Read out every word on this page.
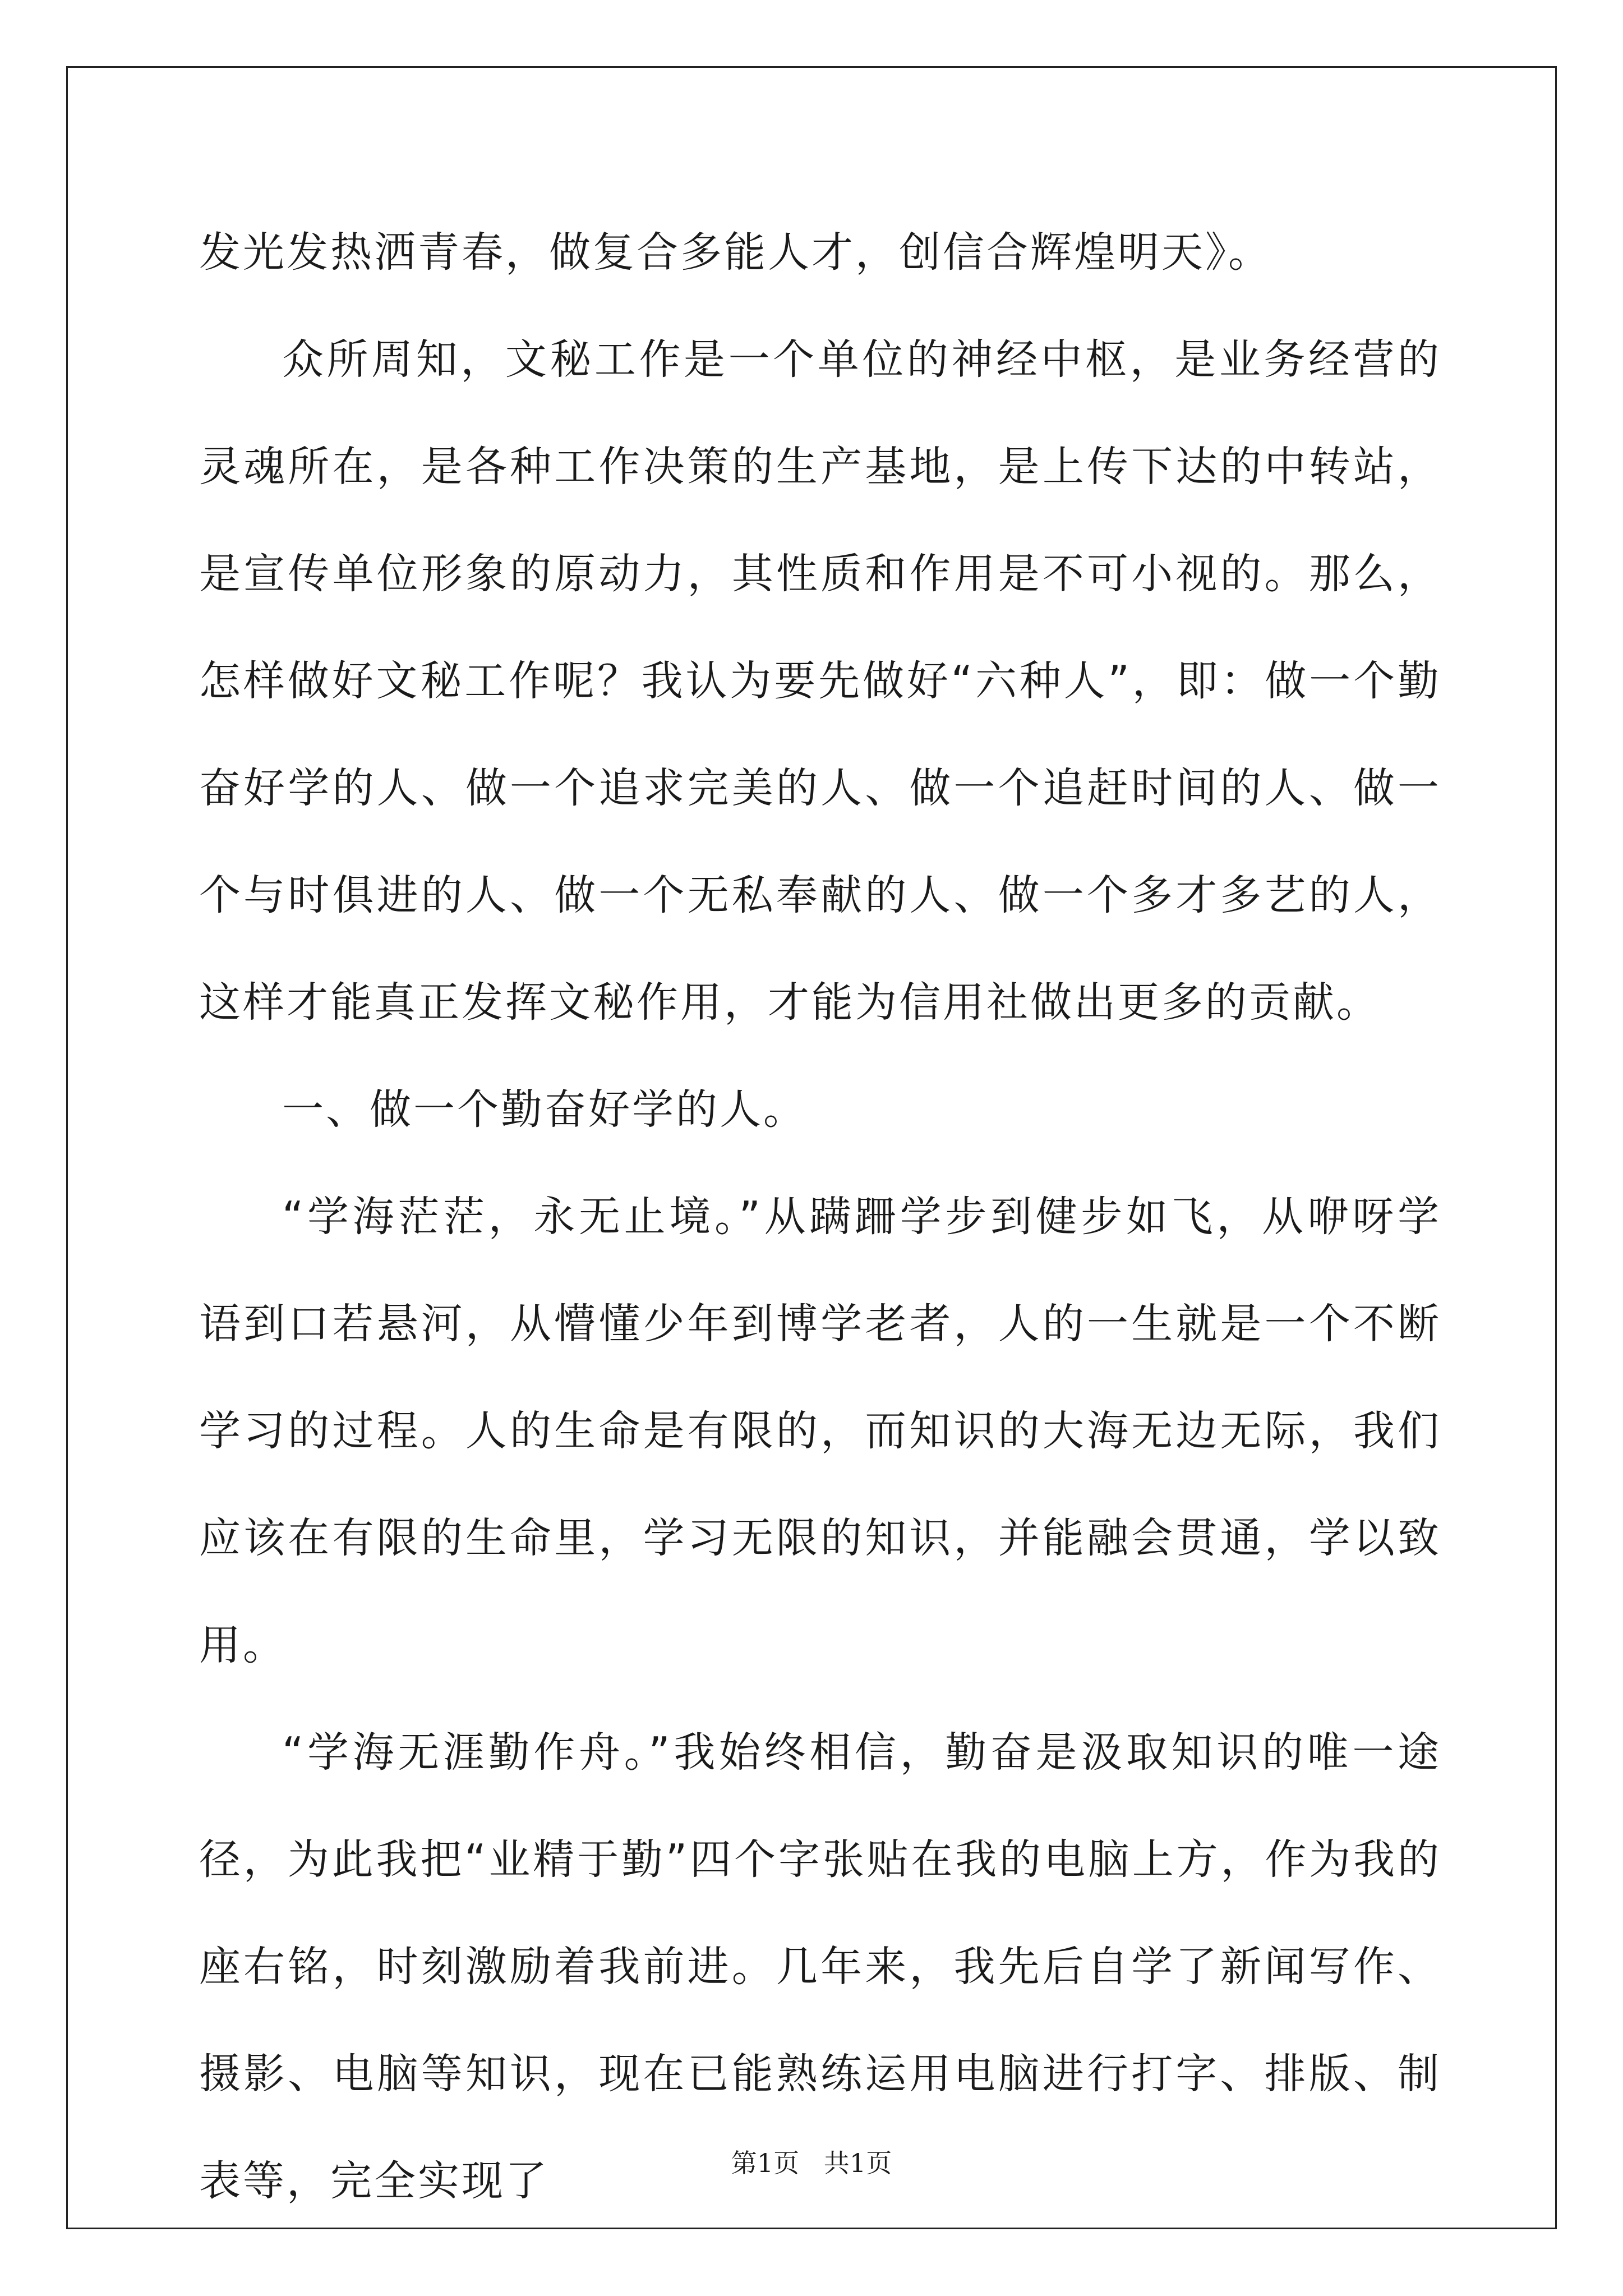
发光发热洒青春，做复合多能人才，创信合辉煌明天》。

众所周知，文秘工作是一个单位的神经中枢，是业务经营的灵魂所在，是各种工作决策的生产基地，是上传下达的中转站，是宣传单位形象的原动力，其性质和作用是不可小视的。那么，怎样做好文秘工作呢？我认为要先做好“六种人”，即：做一个勤奋好学的人、做一个追求完美的人、做一个追赶时间的人、做一个与时俱进的人、做一个无私奉献的人、做一个多才多艺的人，这样才能真正发挥文秘作用，才能为信用社做出更多的贡献。

一、做一个勤奋好学的人。

“学海茫茫，永无止境。”从蹒跚学步到健步如飞，从咿呀学语到口若悬河，从懵懂少年到博学老者，人的一生就是一个不断学习的过程。人的生命是有限的，而知识的大海无边无际，我们应该在有限的生命里，学习无限的知识，并能融会贯通，学以致用。

“学海无涯勤作舟。”我始终相信，勤奋是汲取知识的唯一途径，为此我把“业精于勤”四个字张贴在我的电脑上方，作为我的座右铭，时刻激励着我前进。几年来，我先后自学了新闻写作、摄影、电脑等知识，现在已能熟练运用电脑进行打字、排版、制表等，完全实现了	第1页   共1页
